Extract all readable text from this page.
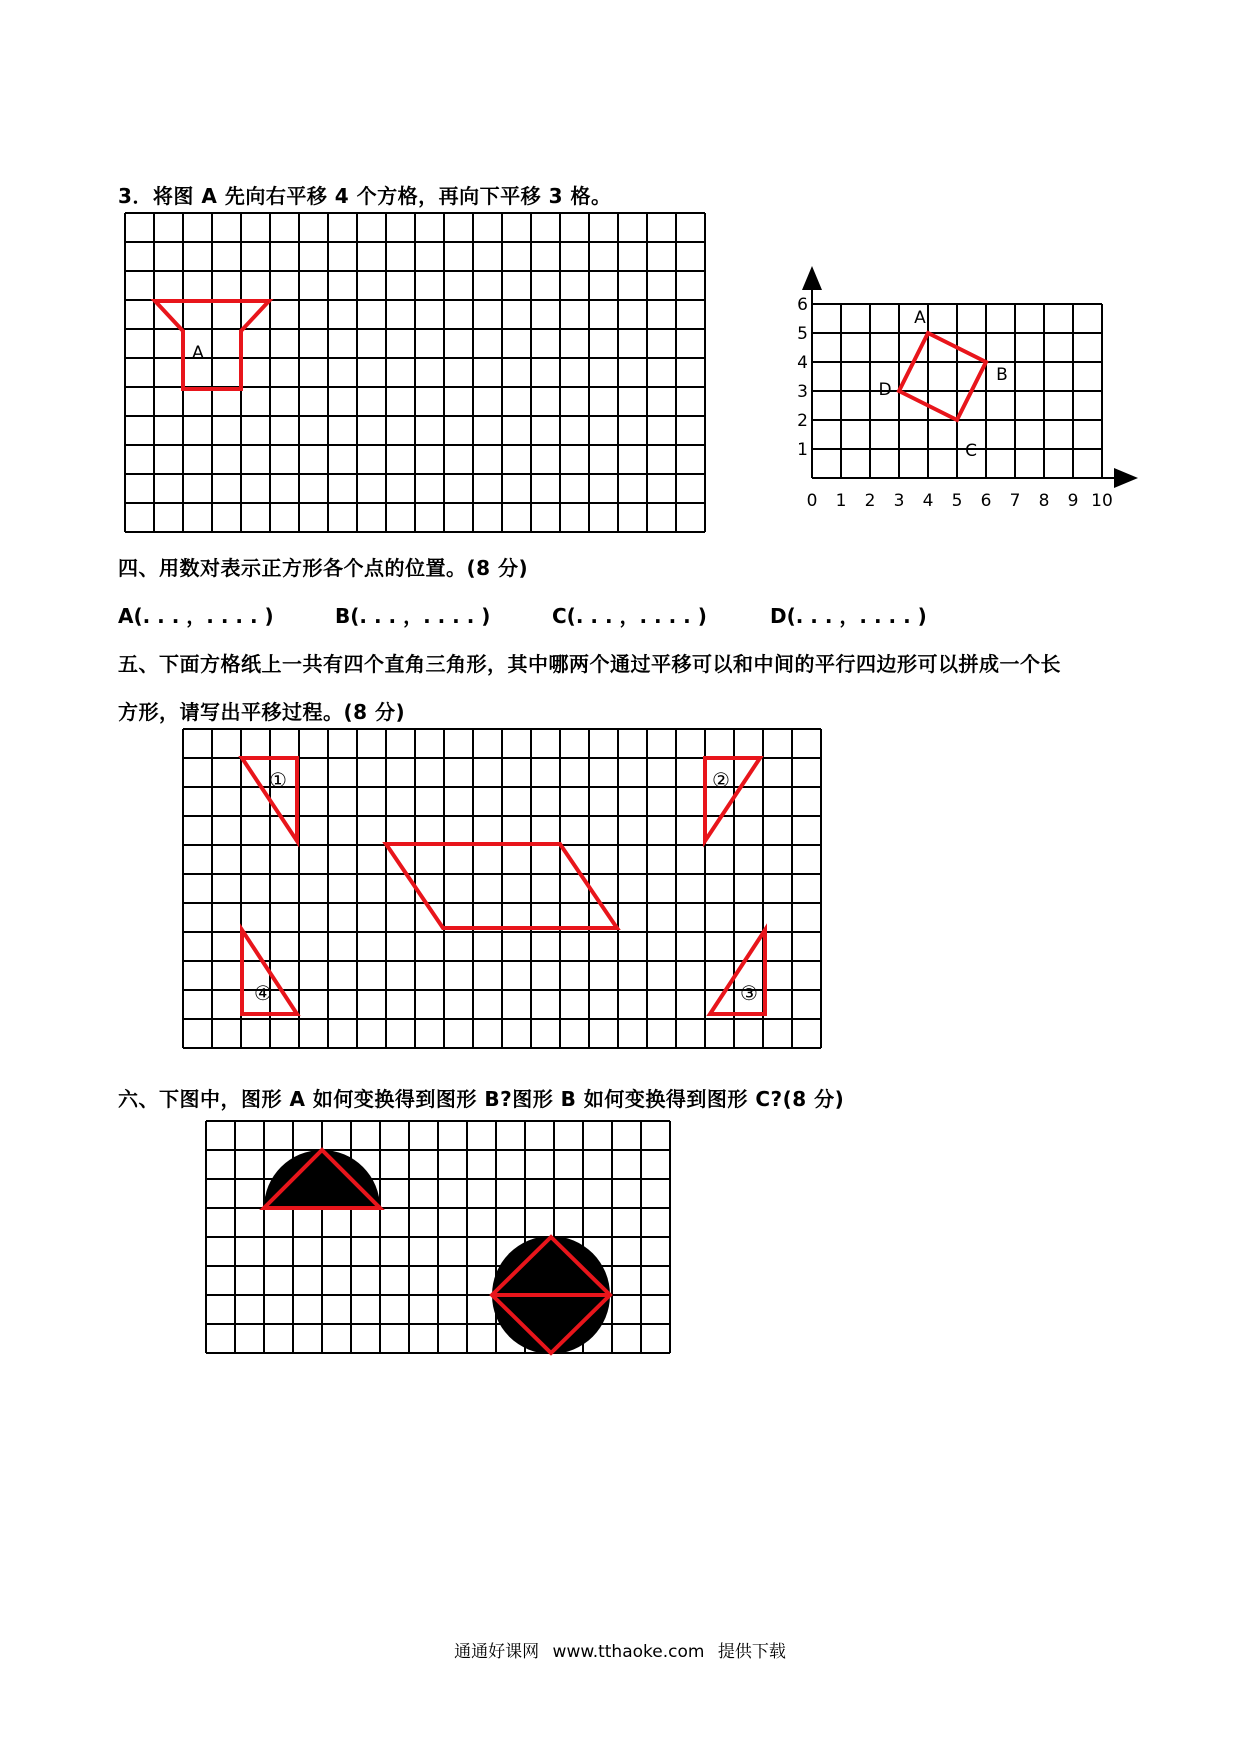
3．将图 A 先向右平移 4 个方格，再向下平移 3 格。
四、用数对表示正方形各个点的位置。(8 分)
A(. . . ，. . . . )	B(. . . ，. . . . )	C(. . . ，. . . . )	D(. . . ，. . . . )
五、下面方格纸上一共有四个直角三角形，其中哪两个通过平移可以和中间的平行四边形可以拼成一个长
方形，请写出平移过程。(8 分)
六、下图中，图形 A 如何变换得到图形 B?图形 B 如何变换得到图形 C?(8 分)
A
0 1 2 3 4 5 6 7 8 9 10
1
2
3
4
5
6
A
B
C
D
①	②
③
④
通通好课网 www.tthaoke.com 提供下载
